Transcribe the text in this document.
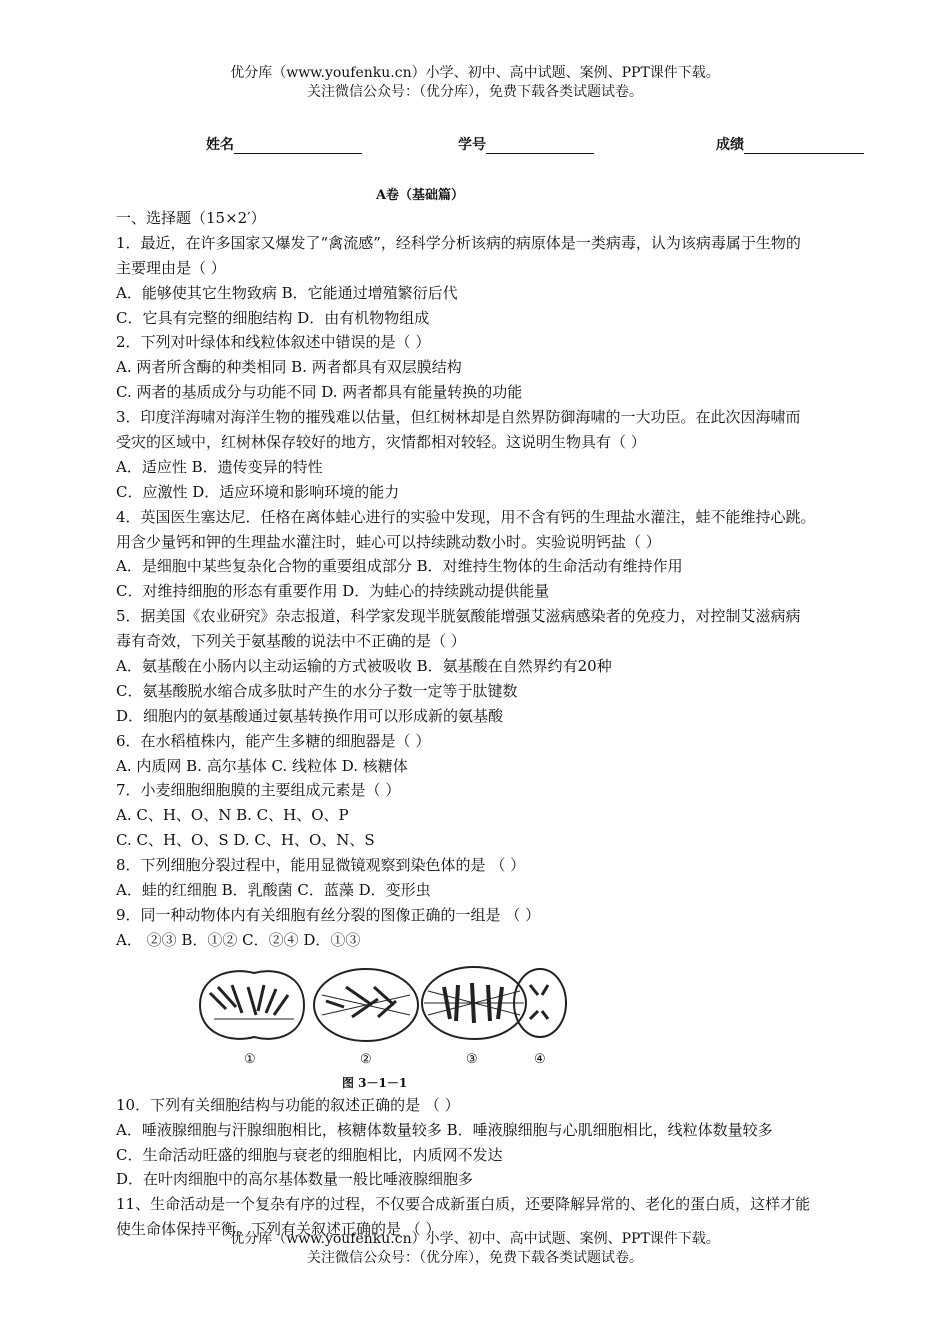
优分库（www.youfenku.cn）小学、初中、高中试题、案例、PPT课件下载。
关注微信公众号：（优分库），免费下载各类试题试卷。
姓名	学号	成绩
A卷（基础篇）
一、选择题（15×2′）
1．最近，在许多国家又爆发了“禽流感”，经科学分析该病的病原体是一类病毒，认为该病毒属于生物的
主要理由是（ ）
A．能够使其它生物致病 B．它能通过增殖繁衍后代
C．它具有完整的细胞结构 D．由有机物物组成
2．下列对叶绿体和线粒体叙述中错误的是（ ）
A. 两者所含酶的种类相同 B. 两者都具有双层膜结构
C. 两者的基质成分与功能不同 D. 两者都具有能量转换的功能
3．印度洋海啸对海洋生物的摧残难以估量，但红树林却是自然界防御海啸的一大功臣。在此次因海啸而
受灾的区域中，红树林保存较好的地方，灾情都相对较轻。这说明生物具有（ ）
A．适应性 B．遗传变异的特性
C．应激性 D．适应环境和影响环境的能力
4．英国医生塞达尼．任格在离体蛙心进行的实验中发现，用不含有钙的生理盐水灌注，蛙不能维持心跳。
用含少量钙和钾的生理盐水灌注时，蛙心可以持续跳动数小时。实验说明钙盐（ ）
A．是细胞中某些复杂化合物的重要组成部分 B．对维持生物体的生命活动有维持作用
C．对维持细胞的形态有重要作用 D．为蛙心的持续跳动提供能量
5．据美国《农业研究》杂志报道，科学家发现半胱氨酸能增强艾滋病感染者的免疫力，对控制艾滋病病
毒有奇效，下列关于氨基酸的说法中不正确的是（ ）
A．氨基酸在小肠内以主动运输的方式被吸收 B．氨基酸在自然界约有20种
C．氨基酸脱水缩合成多肽时产生的水分子数一定等于肽键数
D．细胞内的氨基酸通过氨基转换作用可以形成新的氨基酸
6．在水稻植株内，能产生多糖的细胞器是（ ）
A. 内质网 B. 高尔基体 C. 线粒体 D. 核糖体
7．小麦细胞细胞膜的主要组成元素是（ ）
A. C、H、O、N B. C、H、O、P
C. C、H、O、S D. C、H、O、N、S
8．下列细胞分裂过程中，能用显微镜观察到染色体的是 （ ）
A．蛙的红细胞 B．乳酸菌 C．蓝藻 D．变形虫
9．同一种动物体内有关细胞有丝分裂的图像正确的一组是 （ ）
A． ②③ B．①② C．②④ D．①③
①	②	③	④
图 3－1－1
10．下列有关细胞结构与功能的叙述正确的是 （ ）
A．唾液腺细胞与汗腺细胞相比，核糖体数量较多 B．唾液腺细胞与心肌细胞相比，线粒体数量较多
C．生命活动旺盛的细胞与衰老的细胞相比，内质网不发达
D．在叶肉细胞中的高尔基体数量一般比唾液腺细胞多
11、生命活动是一个复杂有序的过程，不仅要合成新蛋白质，还要降解异常的、老化的蛋白质，这样才能
使生命体保持平衡。下列有关叙述正确的是 （ ）
优分库（www.youfenku.cn）小学、初中、高中试题、案例、PPT课件下载。
关注微信公众号：（优分库），免费下载各类试题试卷。
